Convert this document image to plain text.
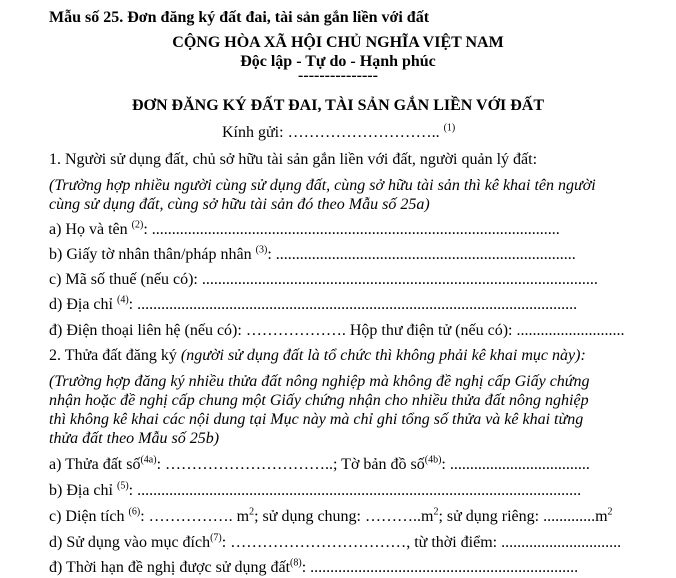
Mẫu số 25. Đơn đăng ký đất đai, tài sản gắn liền với đất
CỘNG HÒA XÃ HỘI CHỦ NGHĨA VIỆT NAM
Độc lập - Tự do - Hạnh phúc
---------------
ĐƠN ĐĂNG KÝ ĐẤT ĐAI, TÀI SẢN GẮN LIỀN VỚI ĐẤT
Kính gửi: ……………………….. $^{(1)}$
1. Người sử dụng đất, chủ sở hữu tài sản gắn liền với đất, người quản lý đất:
(Trường hợp nhiều người cùng sử dụng đất, cùng sở hữu tài sản thì kê khai tên người
cùng sử dụng đất, cùng sở hữu tài sản đó theo Mẫu số 25a)
a) Họ và tên $^{(2)}$: ......................................................................................................
b) Giấy tờ nhân thân/pháp nhân $^{(3)}$: ...........................................................................
c) Mã số thuế (nếu có): ...................................................................................................
d) Địa chỉ $^{(4)}$: ..............................................................................................................
đ) Điện thoại liên hệ (nếu có): ………………. Hộp thư điện tử (nếu có): ...........................
2. Thửa đất đăng ký (người sử dụng đất là tổ chức thì không phải kê khai mục này):
(Trường hợp đăng ký nhiều thửa đất nông nghiệp mà không đề nghị cấp Giấy chứng
nhận hoặc đề nghị cấp chung một Giấy chứng nhận cho nhiều thửa đất nông nghiệp
thì không kê khai các nội dung tại Mục này mà chỉ ghi tổng số thửa và kê khai từng
thửa đất theo Mẫu số 25b)
a) Thửa đất số$^{(4a)}$: …………………………..; Tờ bản đồ số$^{(4b)}$: ...................................
b) Địa chỉ $^{(5)}$: ...............................................................................................................
c) Diện tích $^{(6)}$: ……………. $m^2$; sử dụng chung: $\dots\dots\dots..m^2$; sử dụng riêng: $.............m^2$
d) Sử dụng vào mục đích$^{(7)}$: ……………………………, từ thời điểm: ..............................
đ) Thời hạn đề nghị được sử dụng đất$^{(8)}$: ...................................................................
